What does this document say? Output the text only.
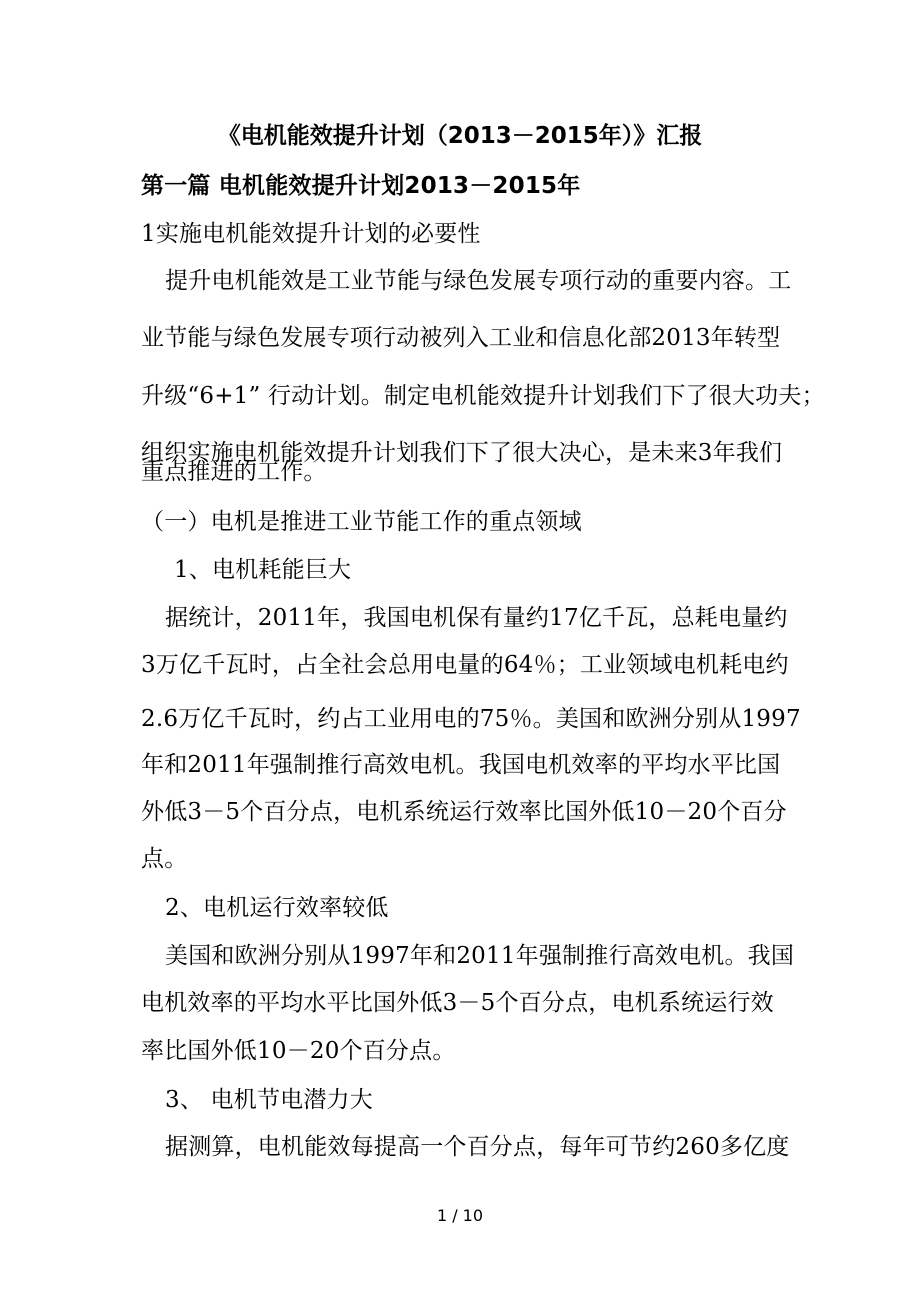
《电机能效提升计划（2013－2015年）》汇报
第一篇 电机能效提升计划2013－2015年
1实施电机能效提升计划的必要性
提升电机能效是工业节能与绿色发展专项行动的重要内容。工
业节能与绿色发展专项行动被列入工业和信息化部2013年转型
升级“6+1” 行动计划。制定电机能效提升计划我们下了很大功夫；
组织实施电机能效提升计划我们下了很大决心，是未来3年我们
重点推进的工作。
（一）电机是推进工业节能工作的重点领域
1、电机耗能巨大
据统计，2011年，我国电机保有量约17亿千瓦，总耗电量约
3万亿千瓦时，占全社会总用电量的64％；工业领域电机耗电约
2.6万亿千瓦时，约占工业用电的75％。美国和欧洲分别从1997
年和2011年强制推行高效电机。我国电机效率的平均水平比国
外低3－5个百分点，电机系统运行效率比国外低10－20个百分
点。
2、电机运行效率较低
美国和欧洲分别从1997年和2011年强制推行高效电机。我国
电机效率的平均水平比国外低3－5个百分点，电机系统运行效
率比国外低10－20个百分点。
3、 电机节电潜力大
据测算，电机能效每提高一个百分点，每年可节约260多亿度
1 / 10
